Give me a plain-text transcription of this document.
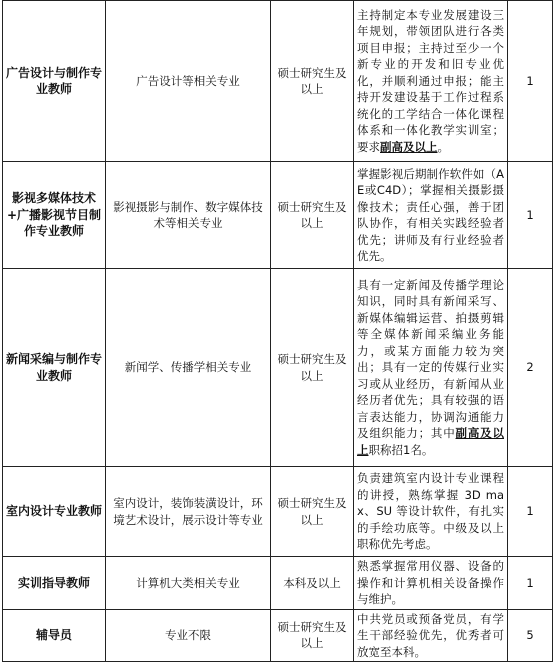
广告设计与制作专业教师	广告设计等相关专业	硕士研究生及以上	主持制定本专业发展建设三年规划，带领团队进行各类项目申报；主持过至少一个新专业的开发和旧专业优化，并顺利通过申报；能主持开发建设基于工作过程系统化的工学结合一体化课程体系和一体化教学实训室；要求副高及以上。	1
影视多媒体技术+广播影视节目制作专业教师	影视摄影与制作、数字媒体技术等相关专业	硕士研究生及以上	掌握影视后期制作软件如（AE或C4D）；掌握相关摄影摄像技术；责任心强，善于团队协作，有相关实践经验者优先；讲师及有行业经验者优先。	1
新闻采编与制作专业教师	新闻学、传播学相关专业	硕士研究生及以上	具有一定新闻及传播学理论知识，同时具有新闻采写、新媒体编辑运营、拍摄剪辑等全媒体新闻采编业务能力，或某方面能力较为突出；具有一定的传媒行业实习或从业经历，有新闻从业经历者优先；具有较强的语言表达能力，协调沟通能力及组织能力；其中副高及以上职称招1名。	2
室内设计专业教师	室内设计，装饰装潢设计，环境艺术设计，展示设计等专业	硕士研究生及以上	负责建筑室内设计专业课程的讲授，熟练掌握 3D max、SU 等设计软件，有扎实的手绘功底等。中级及以上职称优先考虑。	1
实训指导教师	计算机大类相关专业	本科及以上	熟悉掌握常用仪器、设备的操作和计算机相关设备操作与维护。	1
辅导员	专业不限	硕士研究生及以上	中共党员或预备党员，有学生干部经验优先，优秀者可放宽至本科。	5
